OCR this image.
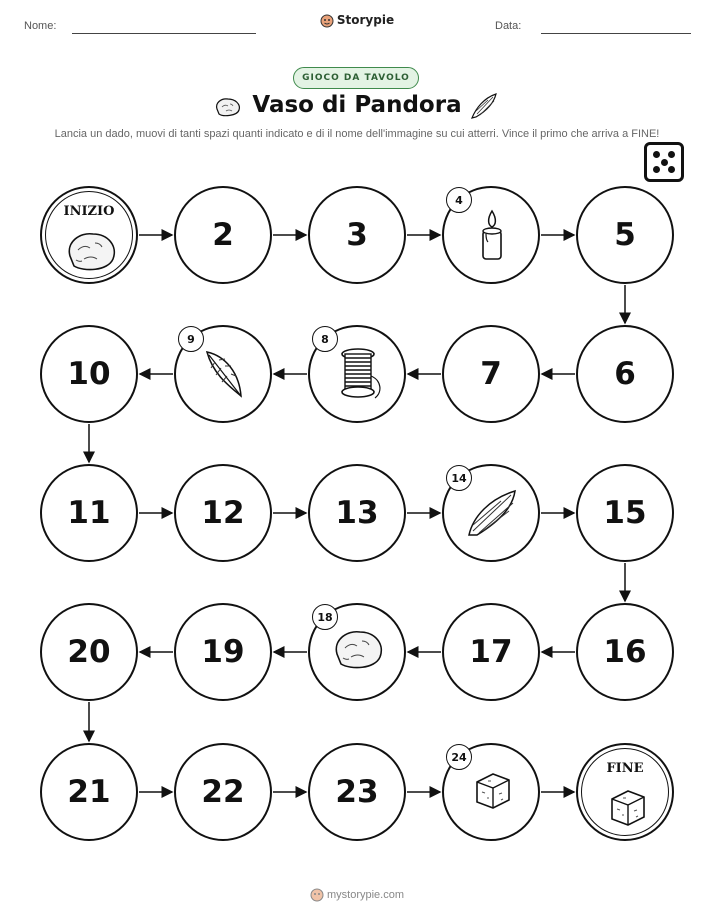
Nome:	Storypie	Data:
GIOCO DA TAVOLO
Vaso di Pandora
Lancia un dado, muovi di tanti spazi quanti indicato e di il nome dell'immagine su cui atterri. Vince il primo che arriva a FINE!
INIZIO
2	3
4
5
6
7
8
9
10
11	12	13
14
15
16
17
18
19
20
21	22	23
24
FINE
mystorypie.com
